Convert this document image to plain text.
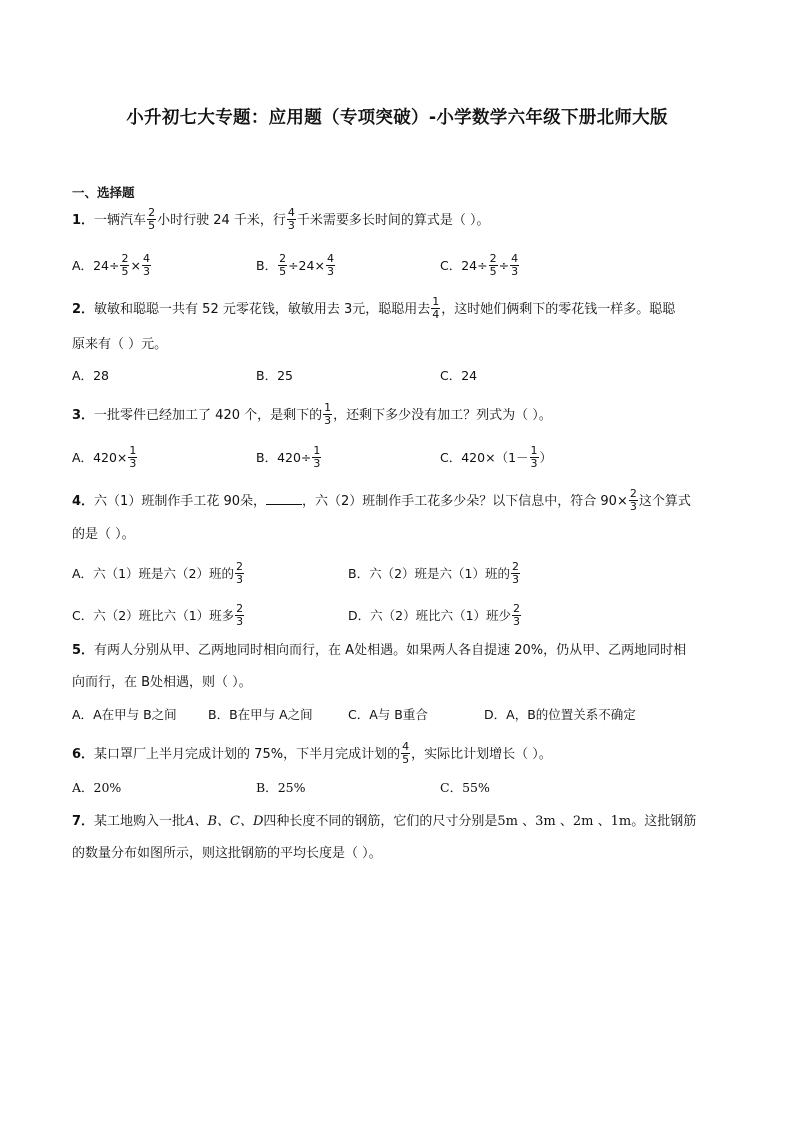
小升初七大专题：应用题（专项突破）-小学数学六年级下册北师大版
一、选择题
1．一辆汽车 $\frac{2}{5}$ 小时行驶 24 千米，行 $\frac{4}{3}$ 千米需要多长时间的算式是（ ）。
A．$24\div \frac{2}{5} \times \frac{4}{3}$	B． $\frac{2}{5} \div 24\times \frac{4}{3}$	C．$24\div \frac{2}{5} \div \frac{4}{3}$
2．敏敏和聪聪一共有 52 元零花钱，敏敏用去 3元，聪聪用去 $\frac{1}{4}$ ，这时她们俩剩下的零花钱一样多。聪聪
原来有（ ）元。
A．28	B．25	C．24
3．一批零件已经加工了 420 个，是剩下的 $\frac{1}{3}$ ，还剩下多少没有加工？列式为（ ）。
A．$420\times \frac{1}{3}$	B．$420\div \frac{1}{3}$	C．$420\times(1- \frac{1}{3}$ ）
4．六（1）班制作手工花 90朵，	，六（2）班制作手工花多少朵？以下信息中，符合 $90\times \frac{2}{3}$ 这个算式
的是（ ）。
A．六（1）班是六（2）班的 $\frac{2}{3}$	B．六（2）班是六（1）班的 $\frac{2}{3}$
C．六（2）班比六（1）班多 $\frac{2}{3}$	D．六（2）班比六（1）班少 $\frac{2}{3}$
5．有两人分别从甲、乙两地同时相向而行，在 A处相遇。如果两人各自提速 20%，仍从甲、乙两地同时相
向而行，在 B处相遇，则（ ）。
A．A在甲与 B之间	B．B在甲与 A之间	C．A与 B重合	D．A，B的位置关系不确定
6．某口罩厂上半月完成计划的 75%，下半月完成计划的 $\frac{4}{5}$ ，实际比计划增长（ ）。
A．20%	B．25%	C．55%
7．某工地购入一批A、B、C、D四种长度不同的钢筋，它们的尺寸分别是5m 、3m 、2m 、1m。这批钢筋
的数量分布如图所示，则这批钢筋的平均长度是（ ）。
